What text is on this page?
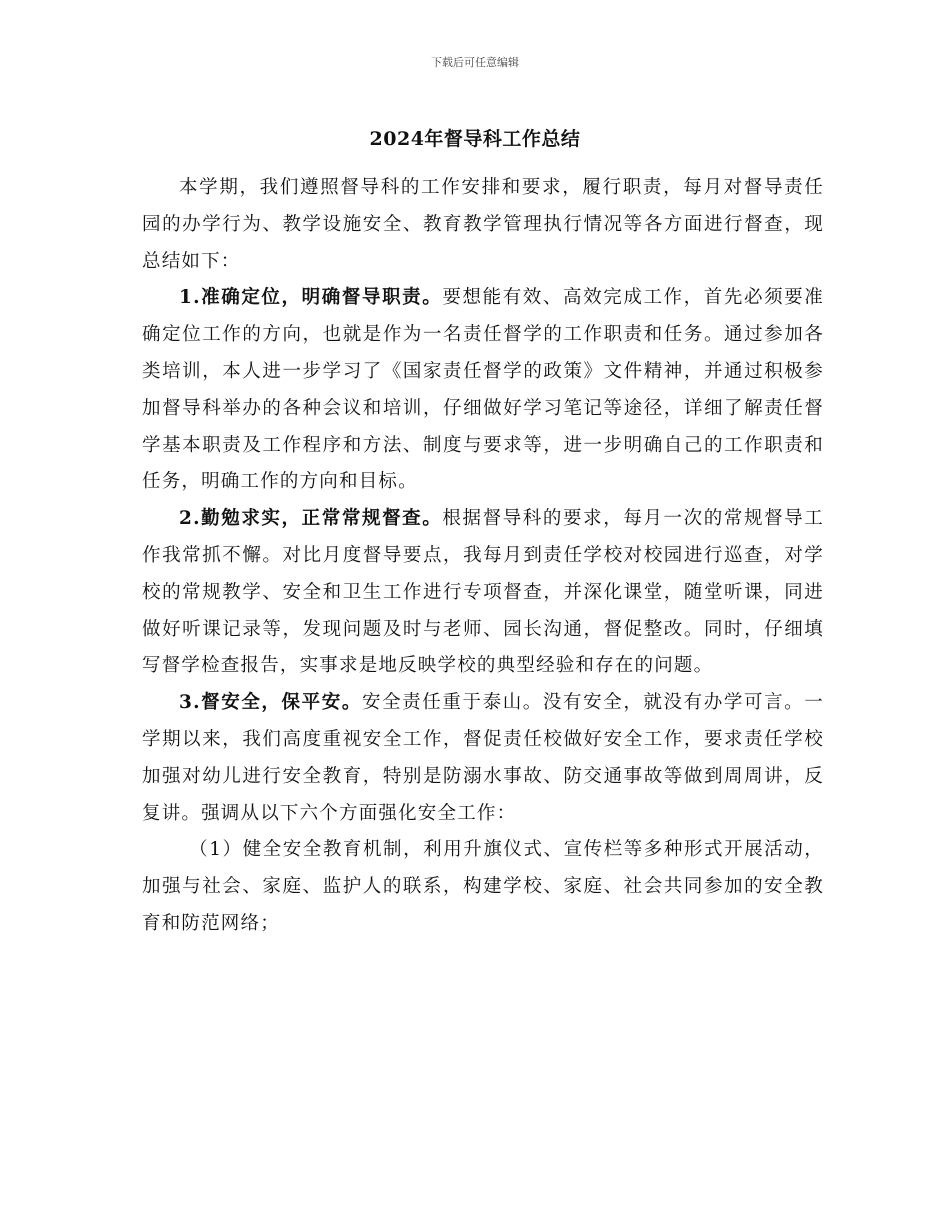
下载后可任意编辑
2024年督导科工作总结

本学期，我们遵照督导科的工作安排和要求，履行职责，每月对督导责任园的办学行为、教学设施安全、教育教学管理执行情况等各方面进行督查，现总结如下：

1.准确定位，明确督导职责。要想能有效、高效完成工作，首先必须要准确定位工作的方向，也就是作为一名责任督学的工作职责和任务。通过参加各类培训，本人进一步学习了《国家责任督学的政策》文件精神，并通过积极参加督导科举办的各种会议和培训，仔细做好学习笔记等途径，详细了解责任督学基本职责及工作程序和方法、制度与要求等，进一步明确自己的工作职责和任务，明确工作的方向和目标。

2.勤勉求实，正常常规督查。根据督导科的要求，每月一次的常规督导工作我常抓不懈。对比月度督导要点，我每月到责任学校对校园进行巡查，对学校的常规教学、安全和卫生工作进行专项督查，并深化课堂，随堂听课，同进做好听课记录等，发现问题及时与老师、园长沟通，督促整改。同时，仔细填写督学检查报告，实事求是地反映学校的典型经验和存在的问题。

3.督安全，保平安。安全责任重于泰山。没有安全，就没有办学可言。一学期以来，我们高度重视安全工作，督促责任校做好安全工作，要求责任学校加强对幼儿进行安全教育，特别是防溺水事故、防交通事故等做到周周讲，反复讲。强调从以下六个方面强化安全工作：

（1）健全安全教育机制，利用升旗仪式、宣传栏等多种形式开展活动，加强与社会、家庭、监护人的联系，构建学校、家庭、社会共同参加的安全教育和防范网络；
